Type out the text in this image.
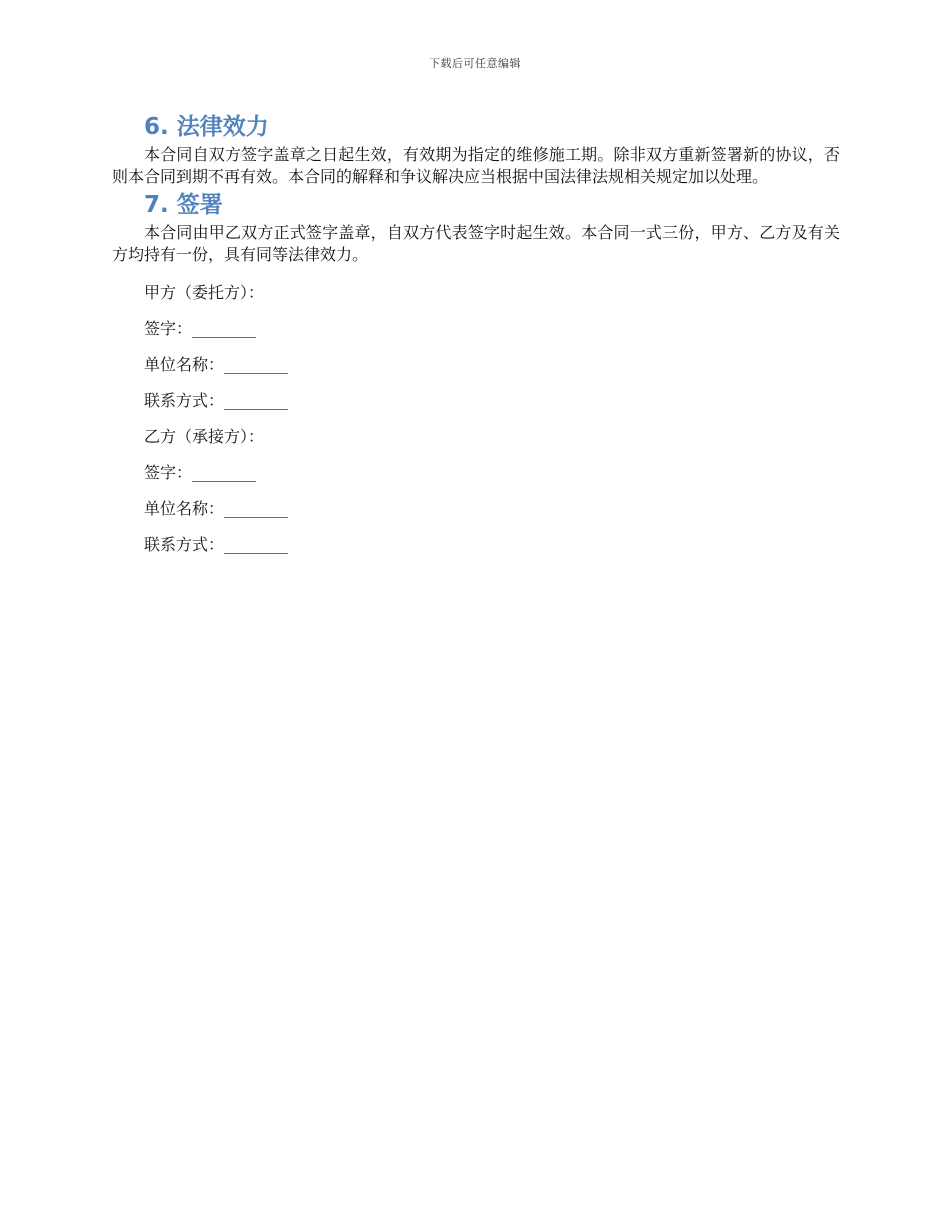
下载后可任意编辑
6. 法律效力

本合同自双方签字盖章之日起生效，有效期为指定的维修施工期。除非双方重新签署新的协议，否则本合同到期不再有效。本合同的解释和争议解决应当根据中国法律法规相关规定加以处理。

7. 签署

本合同由甲乙双方正式签字盖章，自双方代表签字时起生效。本合同一式三份，甲方、乙方及有关方均持有一份，具有同等法律效力。

甲方（委托方）：
签字：________
单位名称：________
联系方式：________
乙方（承接方）：
签字：________
单位名称：________
联系方式：________
